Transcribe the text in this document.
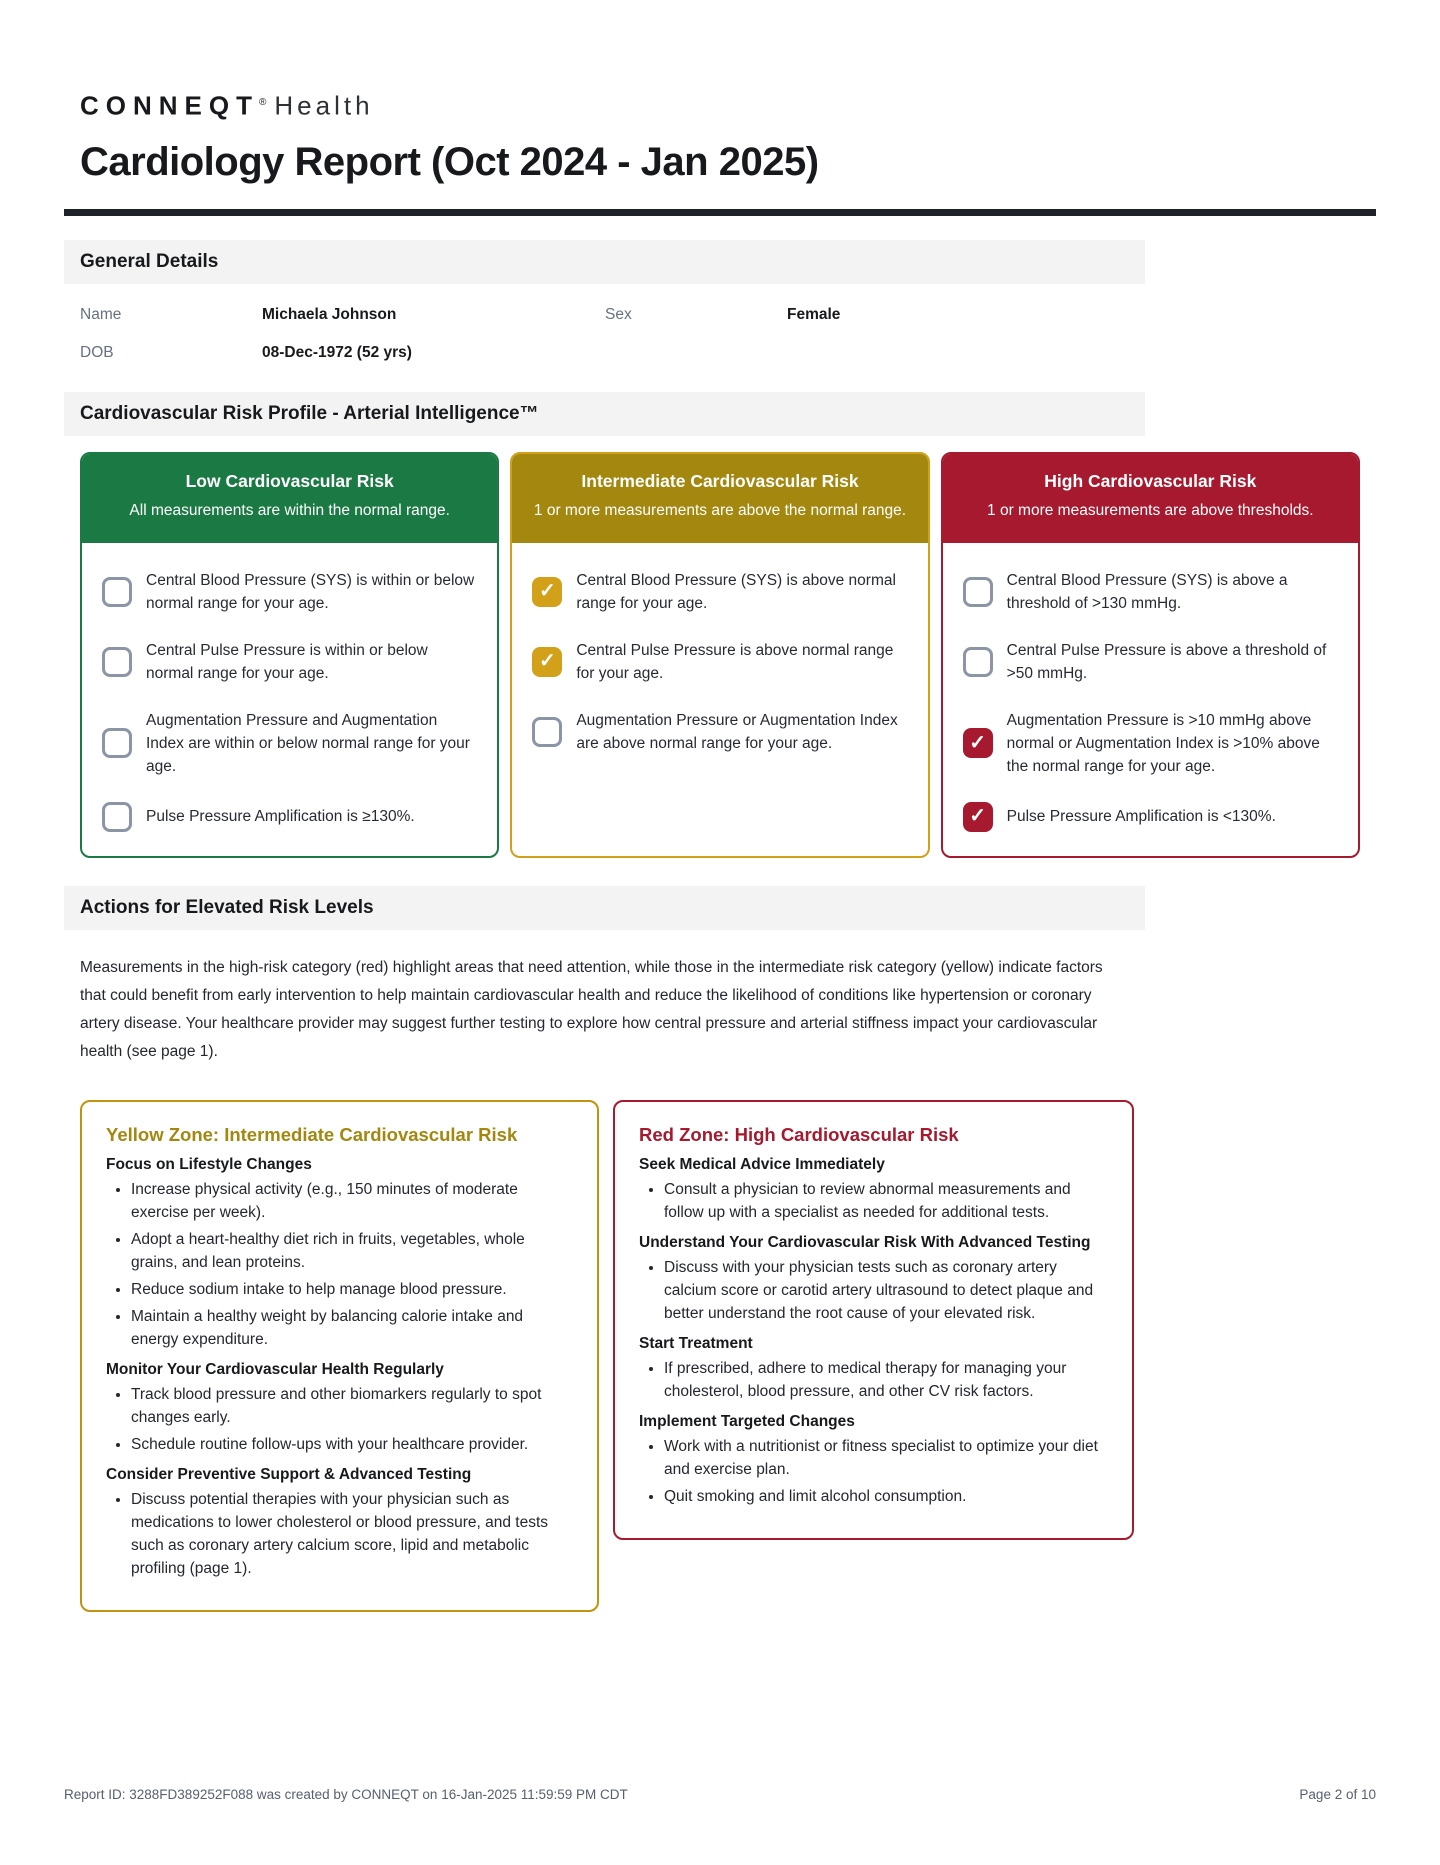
CONNEQT® Health
Cardiology Report (Oct 2024 - Jan 2025)
General Details
Name	Michaela Johnson	Sex	Female
DOB	08-Dec-1972 (52 yrs)
Cardiovascular Risk Profile - Arterial Intelligence™
Low Cardiovascular Risk
All measurements are within the normal range.
Central Blood Pressure (SYS) is within or below normal range for your age.
Central Pulse Pressure is within or below normal range for your age.
Augmentation Pressure and Augmentation Index are within or below normal range for your age.
Pulse Pressure Amplification is ≥130%.
Intermediate Cardiovascular Risk
1 or more measurements are above the normal range.
✓
Central Blood Pressure (SYS) is above normal range for your age.
✓
Central Pulse Pressure is above normal range for your age.
Augmentation Pressure or Augmentation Index are above normal range for your age.
High Cardiovascular Risk
1 or more measurements are above thresholds.
Central Blood Pressure (SYS) is above a threshold of >130 mmHg.
Central Pulse Pressure is above a threshold of >50 mmHg.
✓
Augmentation Pressure is >10 mmHg above normal or Augmentation Index is >10% above the normal range for your age.
✓
Pulse Pressure Amplification is <130%.
Actions for Elevated Risk Levels

Measurements in the high-risk category (red) highlight areas that need attention, while those in the intermediate risk category (yellow) indicate factors that could benefit from early intervention to help maintain cardiovascular health and reduce the likelihood of conditions like hypertension or coronary artery disease. Your healthcare provider may suggest further testing to explore how central pressure and arterial stiffness impact your cardiovascular health (see page 1).

Yellow Zone: Intermediate Cardiovascular Risk
Focus on Lifestyle Changes
• Increase physical activity (e.g., 150 minutes of moderate exercise per week).
• Adopt a heart-healthy diet rich in fruits, vegetables, whole grains, and lean proteins.
• Reduce sodium intake to help manage blood pressure.
• Maintain a healthy weight by balancing calorie intake and energy expenditure.
Monitor Your Cardiovascular Health Regularly
• Track blood pressure and other biomarkers regularly to spot changes early.
• Schedule routine follow-ups with your healthcare provider.
Consider Preventive Support & Advanced Testing
• Discuss potential therapies with your physician such as medications to lower cholesterol or blood pressure, and tests such as coronary artery calcium score, lipid and metabolic profiling (page 1).
Red Zone: High Cardiovascular Risk
Seek Medical Advice Immediately
• Consult a physician to review abnormal measurements and follow up with a specialist as needed for additional tests.
Understand Your Cardiovascular Risk With Advanced Testing
• Discuss with your physician tests such as coronary artery calcium score or carotid artery ultrasound to detect plaque and better understand the root cause of your elevated risk.
Start Treatment
• If prescribed, adhere to medical therapy for managing your cholesterol, blood pressure, and other CV risk factors.
Implement Targeted Changes
• Work with a nutritionist or fitness specialist to optimize your diet and exercise plan.
• Quit smoking and limit alcohol consumption.
Report ID: 3288FD389252F088 was created by CONNEQT on 16-Jan-2025 11:59:59 PM CDT	Page 2 of 10
